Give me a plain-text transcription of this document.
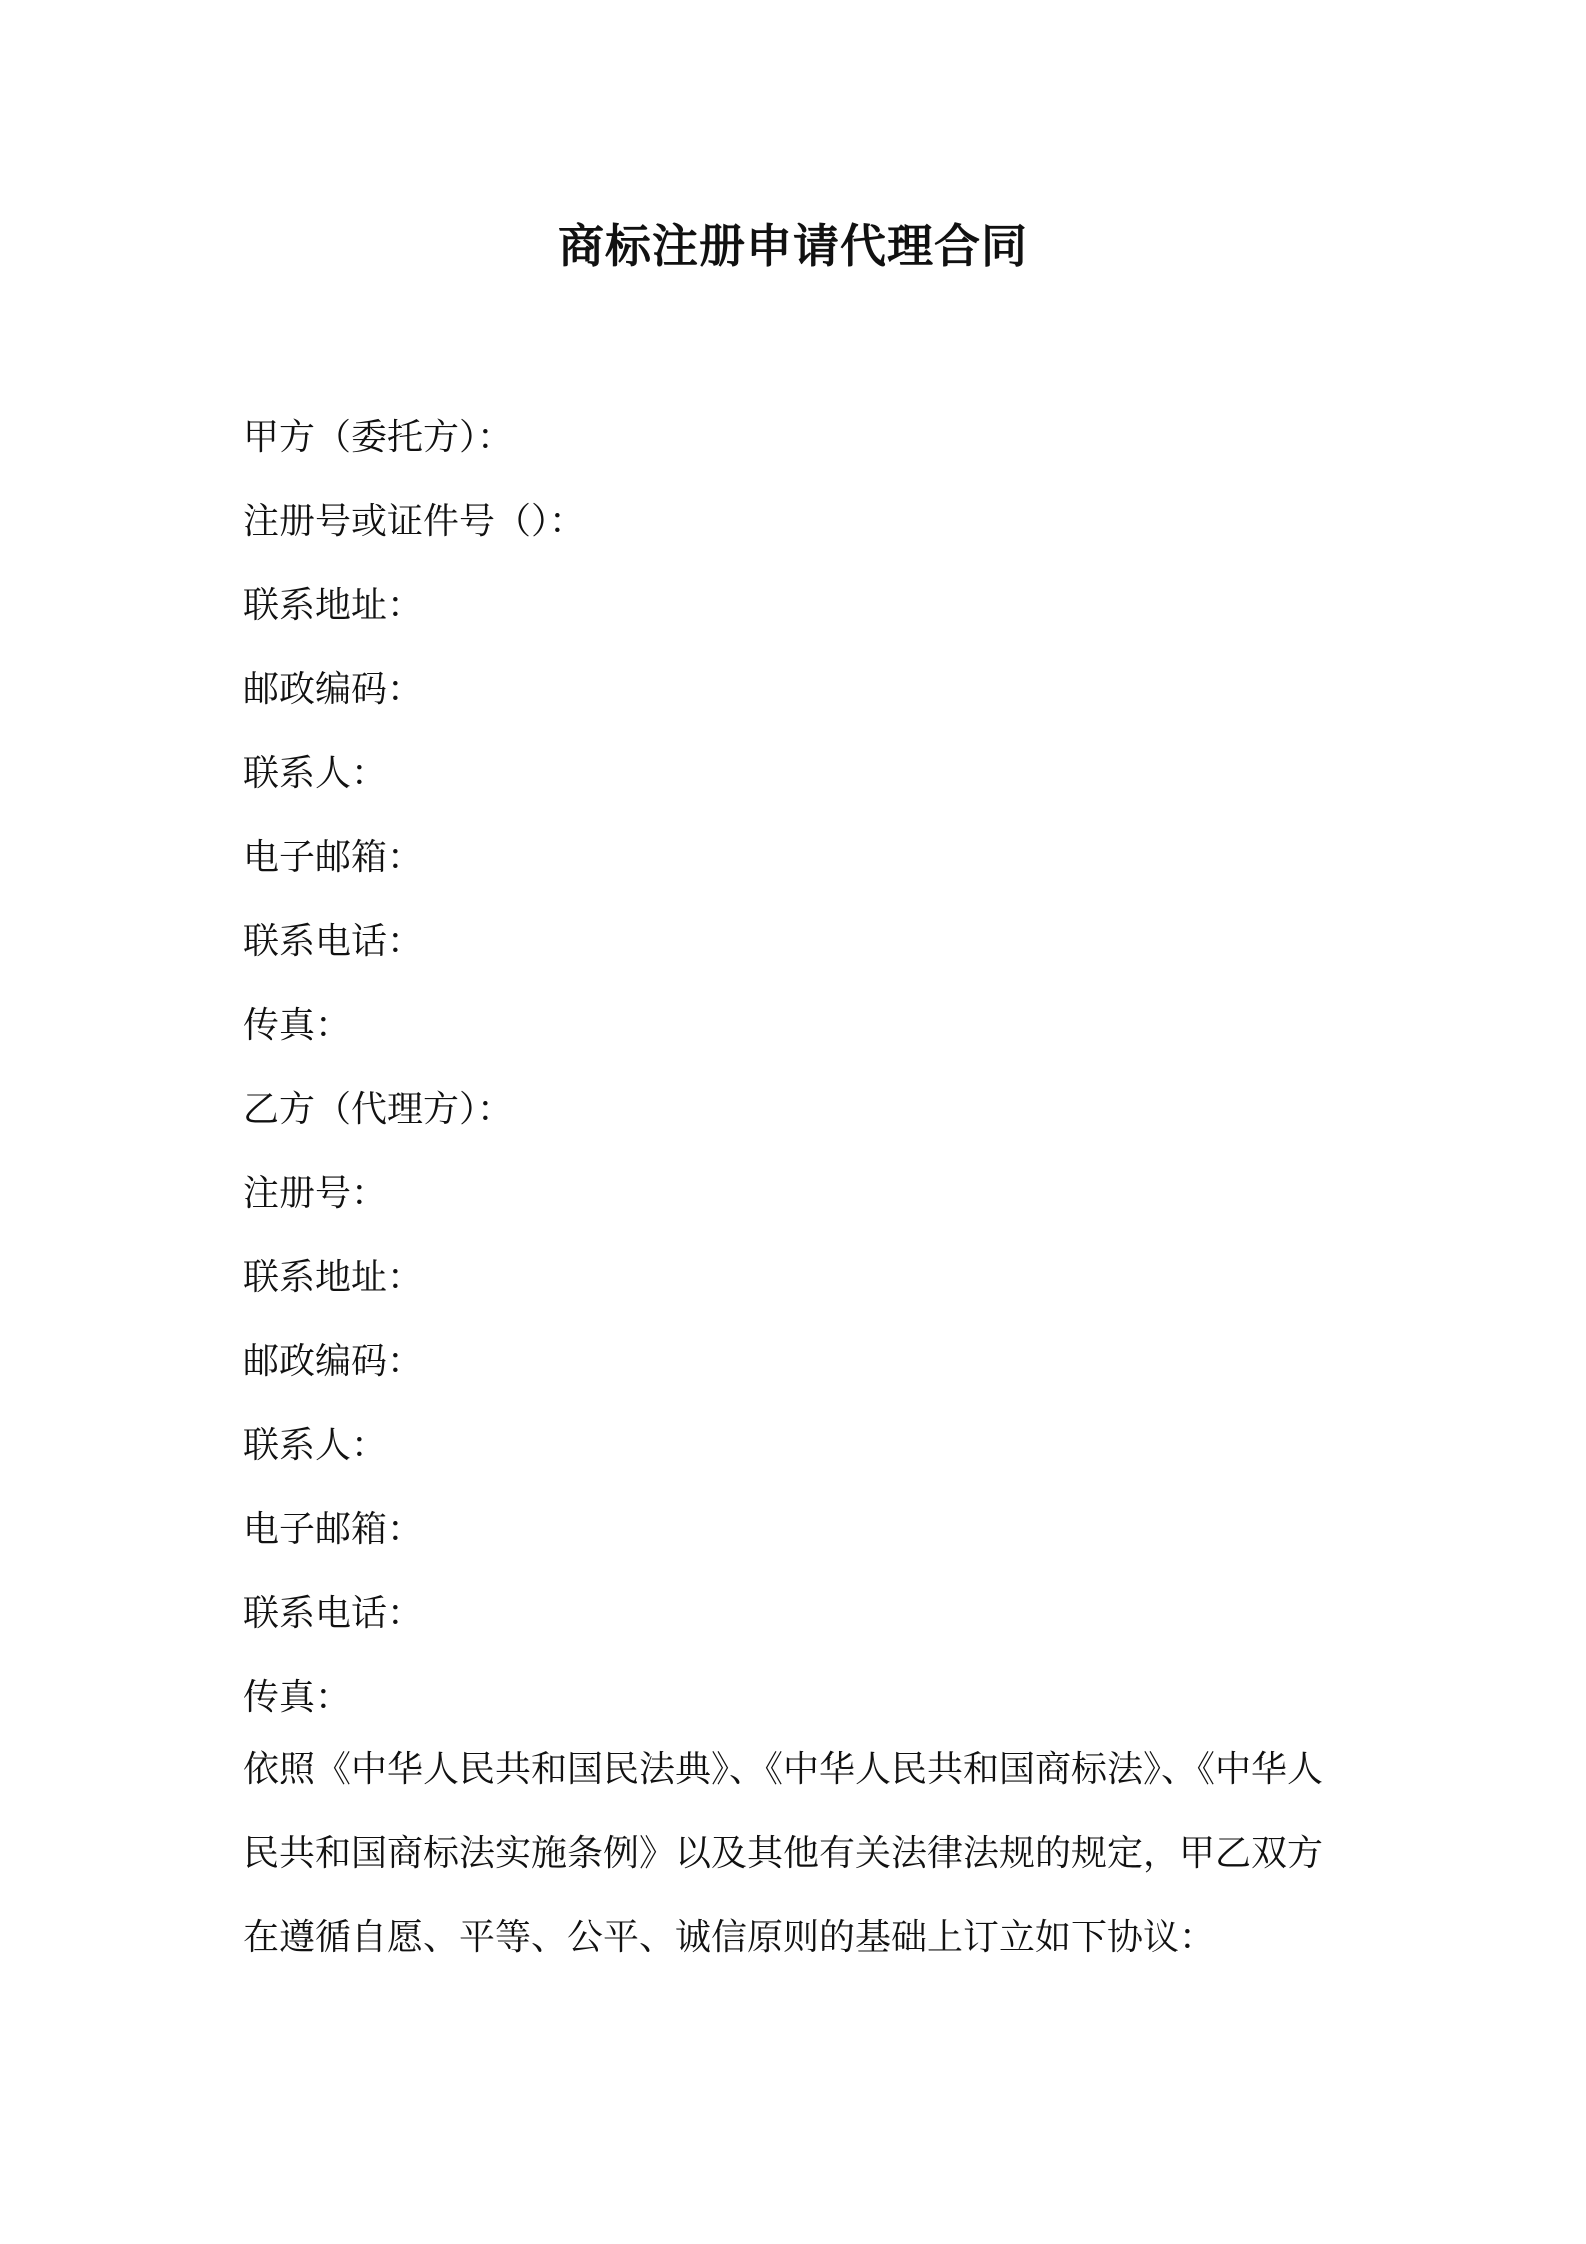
商标注册申请代理合同
甲方（委托方）：
注册号或证件号（）：
联系地址：
邮政编码：
联系人：
电子邮箱：
联系电话：
传真：
乙方（代理方）：
注册号：
联系地址：
邮政编码：
联系人：
电子邮箱：
联系电话：
传真：

依照《中华人民共和国民法典》、《中华人民共和国商标法》、《中华人
民共和国商标法实施条例》以及其他有关法律法规的规定，甲乙双方
在遵循自愿、平等、公平、诚信原则的基础上订立如下协议：
